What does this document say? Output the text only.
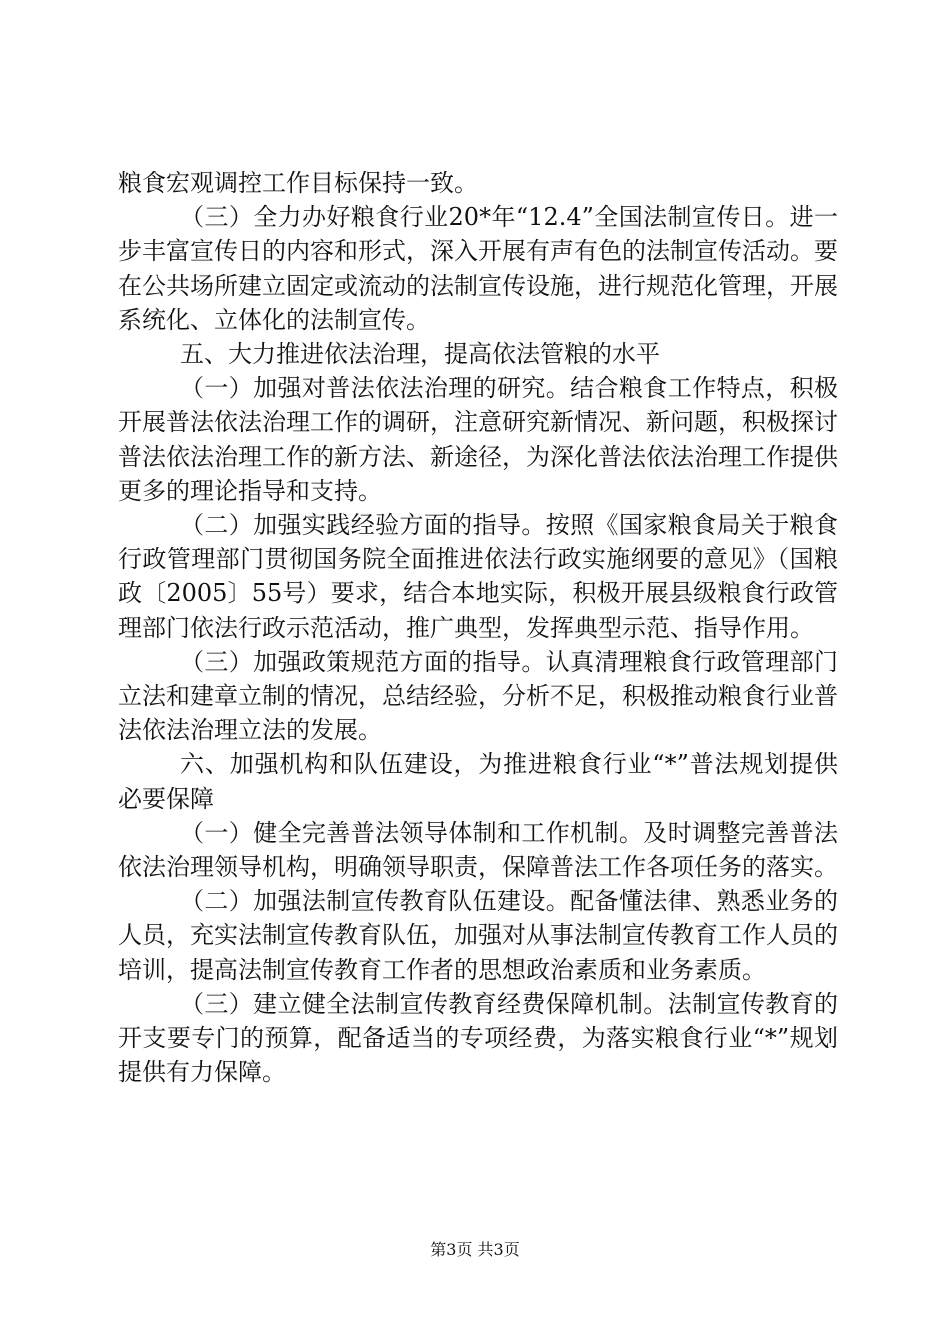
粮食宏观调控工作目标保持一致。

（三）全力办好粮食行业20*年“12.4”全国法制宣传日。进一步丰富宣传日的内容和形式，深入开展有声有色的法制宣传活动。要在公共场所建立固定或流动的法制宣传设施，进行规范化管理，开展系统化、立体化的法制宣传。

五、大力推进依法治理，提高依法管粮的水平

（一）加强对普法依法治理的研究。结合粮食工作特点，积极开展普法依法治理工作的调研，注意研究新情况、新问题，积极探讨普法依法治理工作的新方法、新途径，为深化普法依法治理工作提供更多的理论指导和支持。

（二）加强实践经验方面的指导。按照《国家粮食局关于粮食行政管理部门贯彻国务院全面推进依法行政实施纲要的意见》（国粮政〔2005〕55号）要求，结合本地实际，积极开展县级粮食行政管理部门依法行政示范活动，推广典型，发挥典型示范、指导作用。

（三）加强政策规范方面的指导。认真清理粮食行政管理部门立法和建章立制的情况，总结经验，分析不足，积极推动粮食行业普法依法治理立法的发展。

六、加强机构和队伍建设，为推进粮食行业“*”普法规划提供必要保障

（一）健全完善普法领导体制和工作机制。及时调整完善普法依法治理领导机构，明确领导职责，保障普法工作各项任务的落实。

（二）加强法制宣传教育队伍建设。配备懂法律、熟悉业务的人员，充实法制宣传教育队伍，加强对从事法制宣传教育工作人员的培训，提高法制宣传教育工作者的思想政治素质和业务素质。

（三）建立健全法制宣传教育经费保障机制。法制宣传教育的开支要专门的预算，配备适当的专项经费，为落实粮食行业“*”规划提供有力保障。

第3页 共3页
